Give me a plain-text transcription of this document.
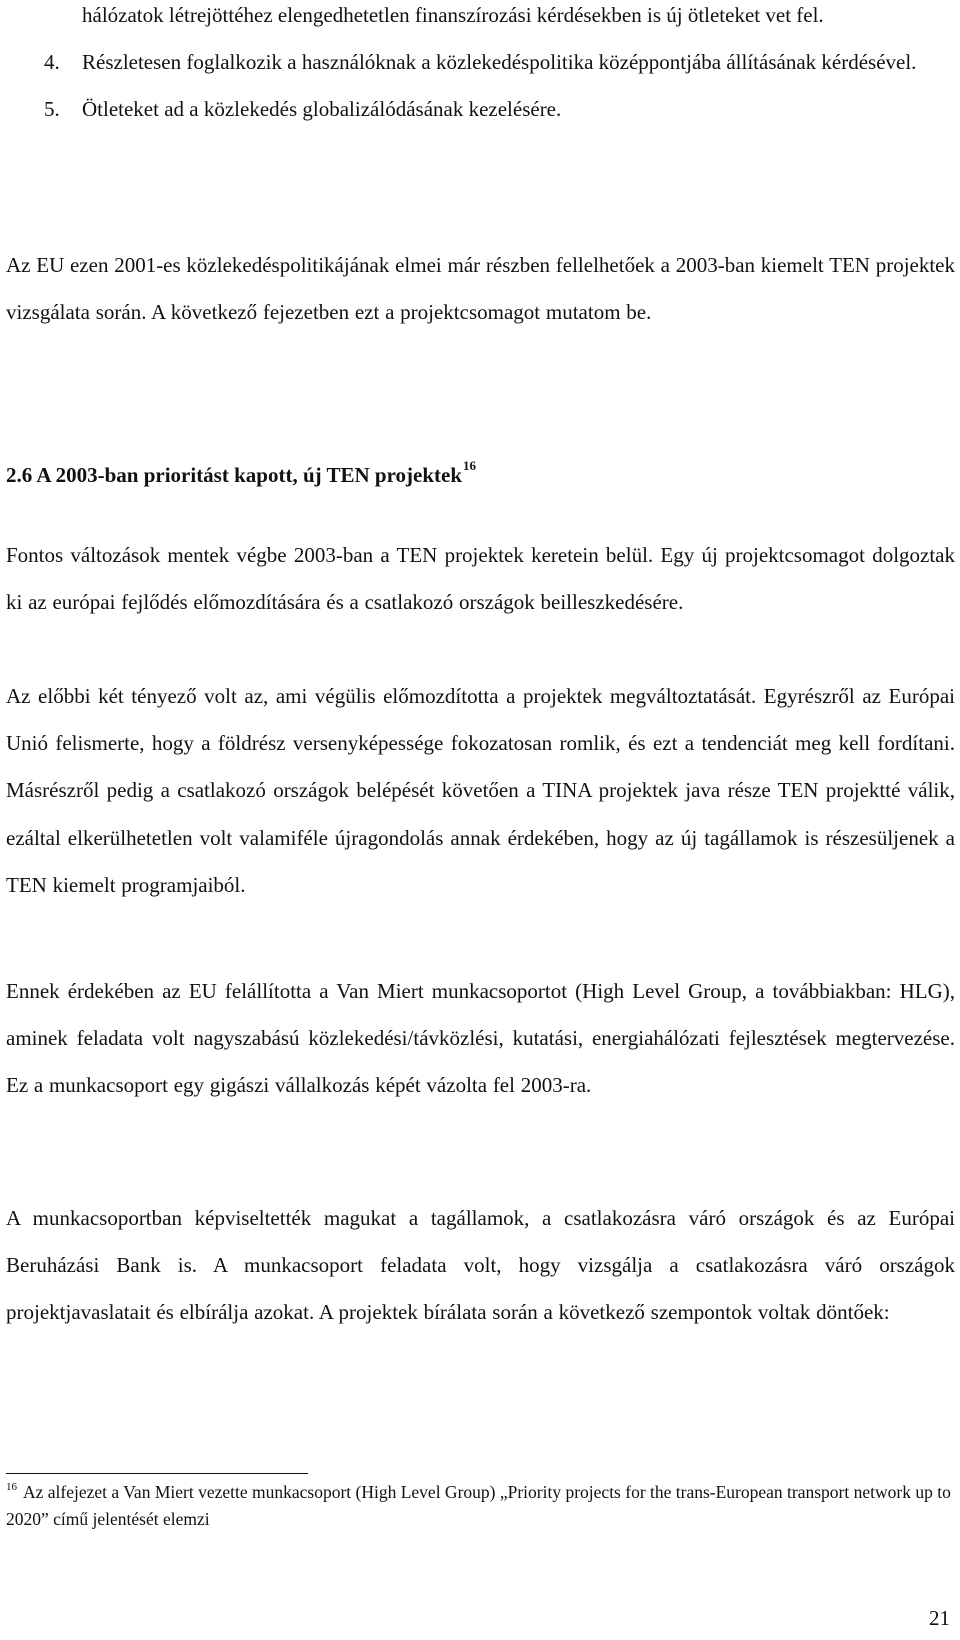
hálózatok létrejöttéhez elengedhetetlen finanszírozási kérdésekben is új ötleteket vet fel.
4. Részletesen foglalkozik a használóknak a közlekedéspolitika középpontjába állításának kérdésével.
5. Ötleteket ad a közlekedés globalizálódásának kezelésére.

Az EU ezen 2001-es közlekedéspolitikájának elmei már részben fellelhetőek a 2003-ban kiemelt TEN projektek vizsgálata során. A következő fejezetben ezt a projektcsomagot mutatom be.

2.6 A 2003-ban prioritást kapott, új TEN projektek$^{16}$

Fontos változások mentek végbe 2003-ban a TEN projektek keretein belül. Egy új projektcsomagot dolgoztak ki az európai fejlődés előmozdítására és a csatlakozó országok beilleszkedésére.

Az előbbi két tényező volt az, ami végülis előmozdította a projektek megváltoztatását. Egyrészről az Európai Unió felismerte, hogy a földrész versenyképessége fokozatosan romlik, és ezt a tendenciát meg kell fordítani. Másrészről pedig a csatlakozó országok belépését követően a TINA projektek java része TEN projektté válik, ezáltal elkerülhetetlen volt valamiféle újragondolás annak érdekében, hogy az új tagállamok is részesüljenek a TEN kiemelt programjaiból.

Ennek érdekében az EU felállította a Van Miert munkacsoportot (High Level Group, a továbbiakban: HLG), aminek feladata volt nagyszabású közlekedési/távközlési, kutatási, energiahálózati fejlesztések megtervezése. Ez a munkacsoport egy gigászi vállalkozás képét vázolta fel 2003-ra.

A munkacsoportban képviseltették magukat a tagállamok, a csatlakozásra váró országok és az Európai Beruházási Bank is. A munkacsoport feladata volt, hogy vizsgálja a csatlakozásra váró országok projektjavaslatait és elbírálja azokat. A projektek bírálata során a következő szempontok voltak döntőek:

$^{16}$ Az alfejezet a Van Miert vezette munkacsoport (High Level Group) „Priority projects for the trans-European transport network up to 2020” című jelentését elemzi

21
